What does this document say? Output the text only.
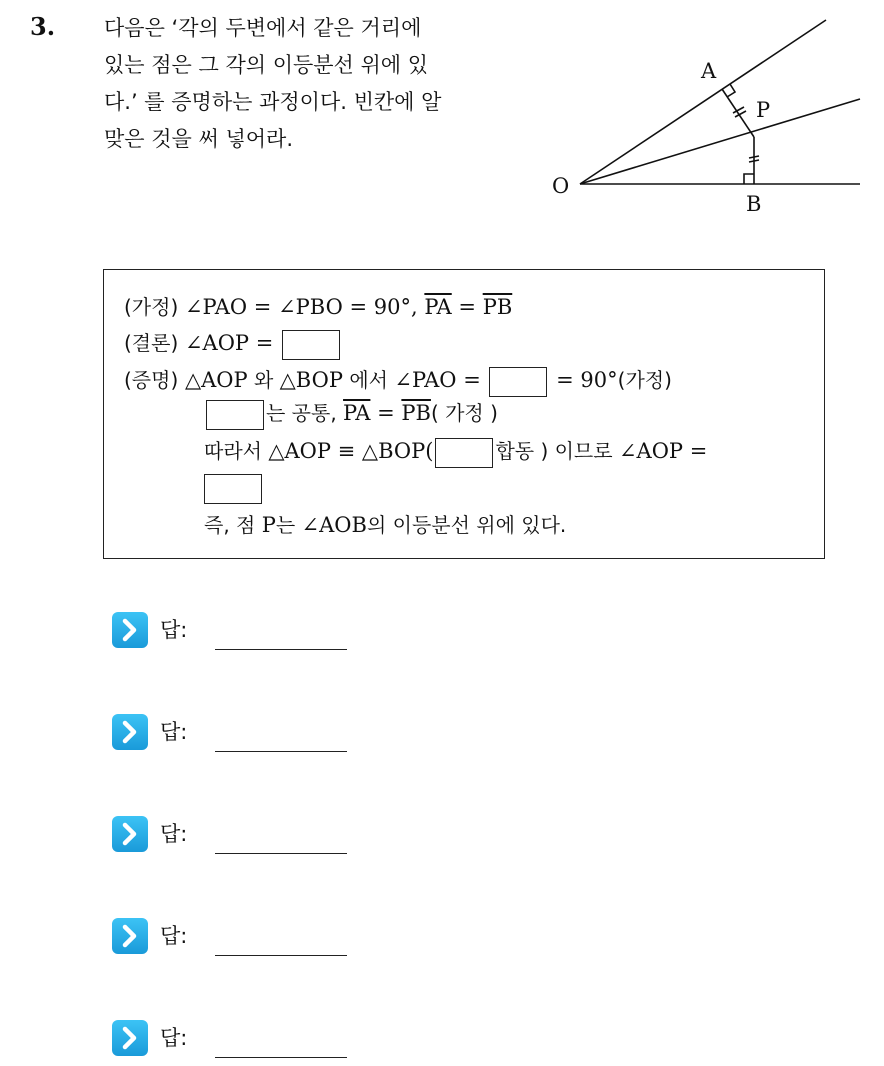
3. 다음은 ‘각의 두변에서 같은 거리에
있는 점은 그 각의 이등분선 위에 있
다.’ 를 증명하는 과정이다. 빈칸에 알
맞은 것을 써 넣어라.
A
P
O
B
(가정) ∠PAO = ∠PBO = 90°, $\overline{PA} = \overline{PB}$
(결론) ∠AOP =
(증명) △AOP 와 △BOP 에서 ∠PAO =	= 90°(가정)
는 공통, $\overline{PA} = \overline{PB}$( 가정 )
따라서 △AOP ≡ △BOP(	합동 ) 이므로 ∠AOP =
즉, 점 P는 ∠AOB의 이등분선 위에 있다.
답:
답:
답:
답:
답:
